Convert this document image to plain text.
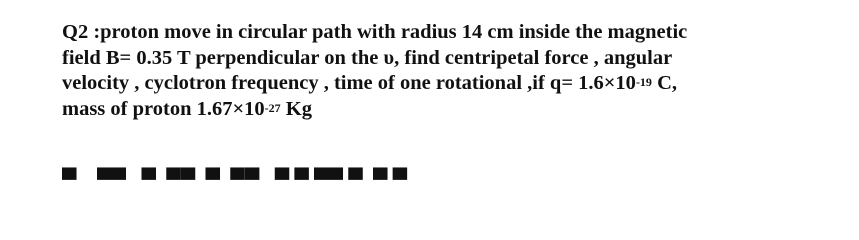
Q2 :proton move in circular path with radius 14 cm inside the magnetic
field B= 0.35 T perpendicular on the υ, find centripetal force , angular
velocity , cyclotron frequency , time of one rotational ,if $q= 1.6\times 10^{-19}$ C,
mass of proton $1.67\times 10^{-27}$ Kg

▀    ▀▀   ▀  ▀▀  ▀  ▀▀   ▀ ▀ ▀▀ ▀  ▀ ▀
